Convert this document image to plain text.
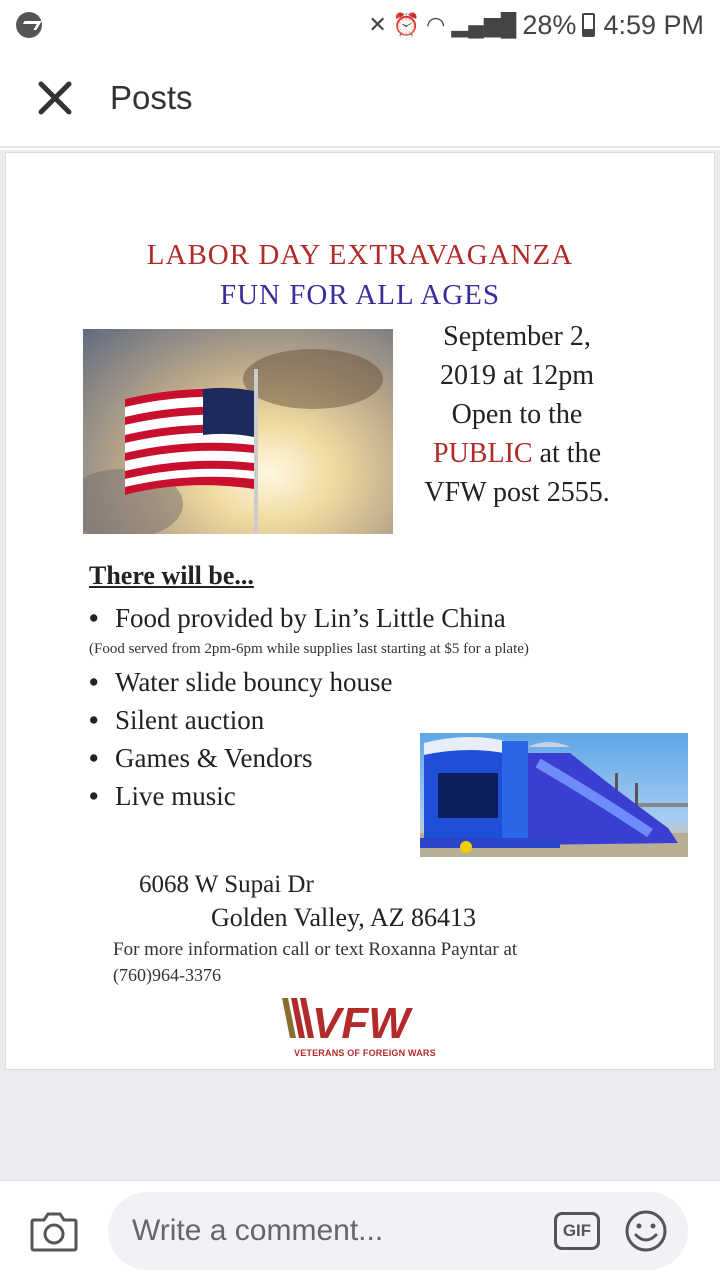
✕ ⏰ ◠ ▂▄▆█ 28% 4:59 PM
Posts
LABOR DAY EXTRAVAGANZA
FUN FOR ALL AGES
September 2,
2019 at 12pm
Open to the
PUBLIC at the
VFW post 2555.
There will be...
• Food provided by Lin’s Little China
(Food served from 2pm-6pm while supplies last starting at $5 for a plate)
• Water slide bouncy house
• Silent auction
• Games & Vendors
• Live music
6068 W Supai Dr
Golden Valley, AZ 86413
For more information call or text Roxanna Payntar at
(760)964-3376
VFW
VETERANS OF FOREIGN WARS
Write a comment...
GIF
